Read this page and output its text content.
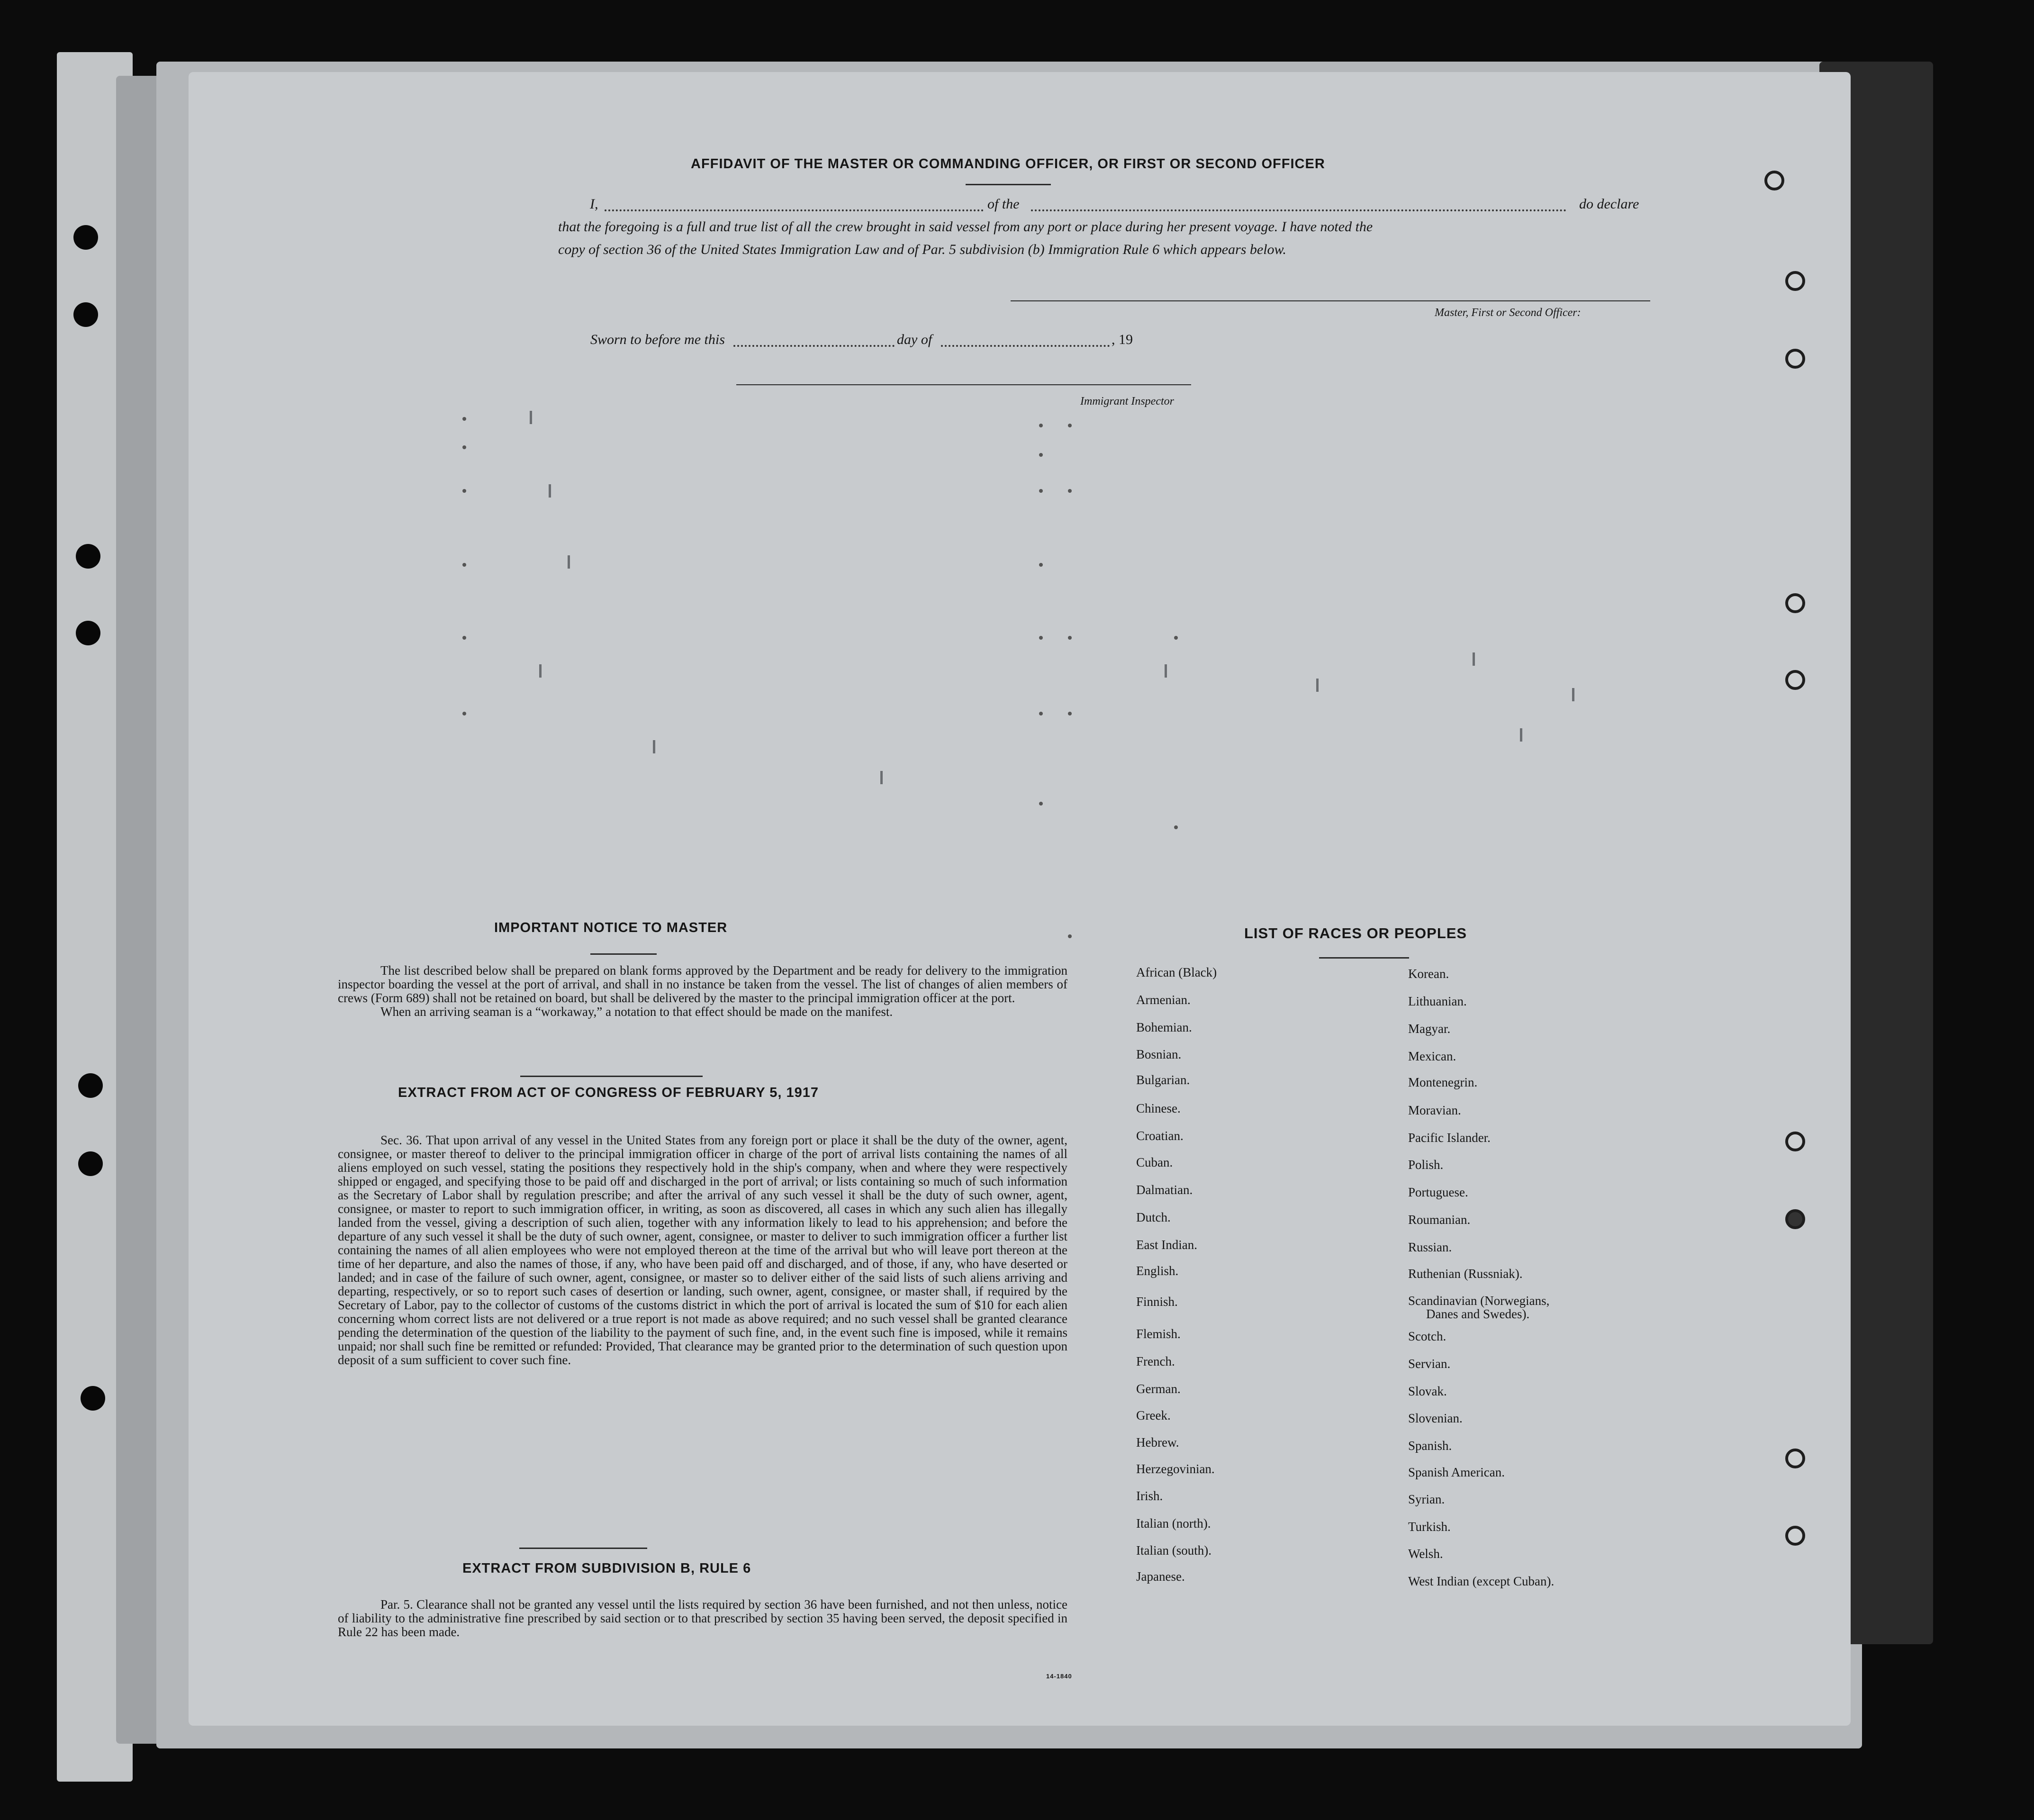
AFFIDAVIT OF THE MASTER OR COMMANDING OFFICER, OR FIRST OR SECOND OFFICER
I,	of the	do declare
that the foregoing is a full and true list of all the crew brought in said vessel from any port or place during her present voyage. I have noted the
copy of section 36 of the United States Immigration Law and of Par. 5 subdivision (b) Immigration Rule 6 which appears below.
Master, First or Second Officer:
Sworn to before me this	day of	, 19
Immigrant Inspector
IMPORTANT NOTICE TO MASTER

The list described below shall be prepared on blank forms approved by the Department and be ready for delivery to the immigration inspector boarding the vessel at the port of arrival, and shall in no instance be taken from the vessel. The list of changes of alien members of crews (Form 689) shall not be retained on board, but shall be delivered by the master to the principal immigration officer at the port.

When an arriving seaman is a “workaway,” a notation to that effect should be made on the manifest.

EXTRACT FROM ACT OF CONGRESS OF FEBRUARY 5, 1917

Sec. 36. That upon arrival of any vessel in the United States from any foreign port or place it shall be the duty of the owner, agent, consignee, or master thereof to deliver to the principal immigration officer in charge of the port of arrival lists containing the names of all aliens employed on such vessel, stating the positions they respectively hold in the ship's company, when and where they were respectively shipped or engaged, and specifying those to be paid off and discharged in the port of arrival; or lists containing so much of such information as the Secretary of Labor shall by regulation prescribe; and after the arrival of any such vessel it shall be the duty of such owner, agent, consignee, or master to report to such immigration officer, in writing, as soon as discovered, all cases in which any such alien has illegally landed from the vessel, giving a description of such alien, together with any information likely to lead to his apprehension; and before the departure of any such vessel it shall be the duty of such owner, agent, consignee, or master to deliver to such immigration officer a further list containing the names of all alien employees who were not employed thereon at the time of the arrival but who will leave port thereon at the time of her departure, and also the names of those, if any, who have been paid off and discharged, and of those, if any, who have deserted or landed; and in case of the failure of such owner, agent, consignee, or master so to deliver either of the said lists of such aliens arriving and departing, respectively, or so to report such cases of desertion or landing, such owner, agent, consignee, or master shall, if required by the Secretary of Labor, pay to the collector of customs of the customs district in which the port of arrival is located the sum of $10 for each alien concerning whom correct lists are not delivered or a true report is not made as above required; and no such vessel shall be granted clearance pending the determination of the question of the liability to the payment of such fine, and, in the event such fine is imposed, while it remains unpaid; nor shall such fine be remitted or refunded: Provided, That clearance may be granted prior to the determination of such question upon deposit of a sum sufficient to cover such fine.

EXTRACT FROM SUBDIVISION B, RULE 6

Par. 5. Clearance shall not be granted any vessel until the lists required by section 36 have been furnished, and not then unless, notice of liability to the administrative fine prescribed by said section or to that prescribed by section 35 having been served, the deposit specified in Rule 22 has been made.

14-1840
LIST OF RACES OR PEOPLES
African (Black)
Armenian.
Bohemian.
Bosnian.
Bulgarian.
Chinese.
Croatian.
Cuban.
Dalmatian.
Dutch.
East Indian.
English.
Finnish.
Flemish.
French.
German.
Greek.
Hebrew.
Herzegovinian.
Irish.
Italian (north).
Italian (south).
Japanese.
Korean.
Lithuanian.
Magyar.
Mexican.
Montenegrin.
Moravian.
Pacific Islander.
Polish.
Portuguese.
Roumanian.
Russian.
Ruthenian (Russniak).
Scandinavian (Norwegians,
Danes and Swedes).
Scotch.
Servian.
Slovak.
Slovenian.
Spanish.
Spanish American.
Syrian.
Turkish.
Welsh.
West Indian (except Cuban).
